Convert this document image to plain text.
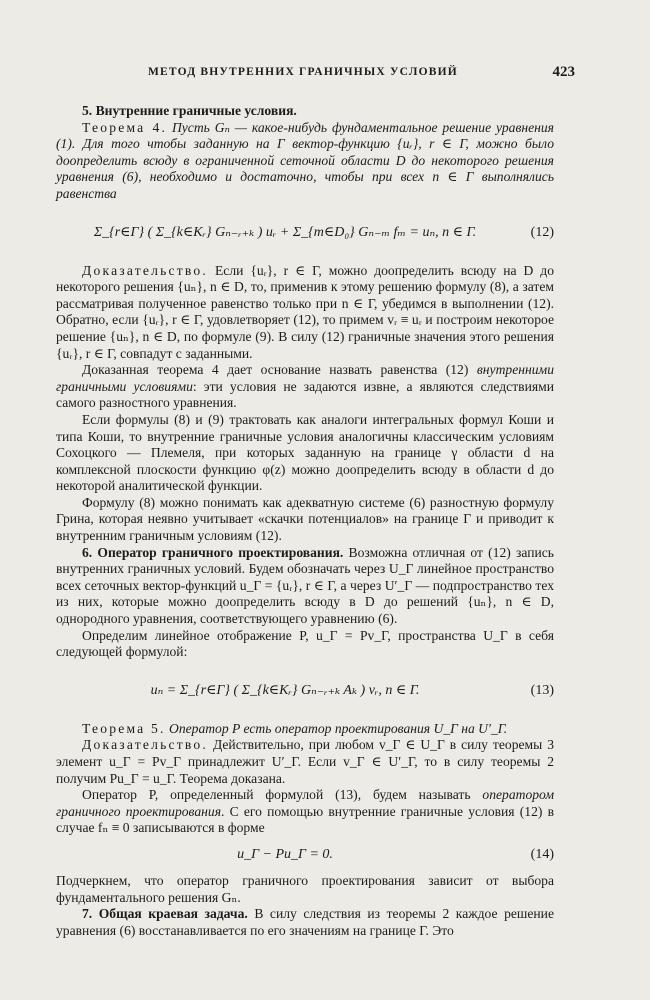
МЕТОД ВНУТРЕННИХ ГРАНИЧНЫХ УСЛОВИЙ	423

5. Внутренние граничные условия.

Теорема 4. Пусть Gₙ — какое-нибудь фундаментальное решение уравнения (1). Для того чтобы заданную на Γ вектор-функцию {uᵣ}, r ∈ Γ, можно было доопределить всюду в ограниченной сеточной области D до некоторого решения уравнения (6), необходимо и достаточно, чтобы при всех n ∈ Γ выполнялись равенства

Σ_{r∈Γ} ( Σ_{k∈Kᵣ} Gₙ₋ᵣ₊ₖ ) uᵣ + Σ_{m∈D₀} Gₙ₋ₘ fₘ = uₙ, n ∈ Γ.	(12)

Доказательство. Если {uᵣ}, r ∈ Γ, можно доопределить всюду на D до некоторого решения {uₙ}, n ∈ D, то, применив к этому решению формулу (8), а затем рассматривая полученное равенство только при n ∈ Γ, убедимся в выполнении (12). Обратно, если {uᵣ}, r ∈ Γ, удовлетворяет (12), то примем vᵣ ≡ uᵣ и построим некоторое решение {uₙ}, n ∈ D, по формуле (9). В силу (12) граничные значения этого решения {uᵣ}, r ∈ Γ, совпадут с заданными.

Доказанная теорема 4 дает основание назвать равенства (12) внутренними граничными условиями: эти условия не задаются извне, а являются следствиями самого разностного уравнения.

Если формулы (8) и (9) трактовать как аналоги интегральных формул Коши и типа Коши, то внутренние граничные условия аналогичны классическим условиям Сохоцкого — Племеля, при которых заданную на границе γ области d на комплексной плоскости функцию φ(z) можно доопределить всюду в области d до некоторой аналитической функции.

Формулу (8) можно понимать как адекватную системе (6) разностную формулу Грина, которая неявно учитывает «скачки потенциалов» на границе Γ и приводит к внутренним граничным условиям (12).

6. Оператор граничного проектирования. Возможна отличная от (12) запись внутренних граничных условий. Будем обозначать через U_Γ линейное пространство всех сеточных вектор-функций u_Γ = {uᵣ}, r ∈ Γ, а через U′_Γ — подпространство тех из них, которые можно доопределить всюду в D до решений {uₙ}, n ∈ D, однородного уравнения, соответствующего уравнению (6).

Определим линейное отображение P, u_Γ = Pv_Γ, пространства U_Γ в себя следующей формулой:

uₙ = Σ_{r∈Γ} ( Σ_{k∈Kᵣ} Gₙ₋ᵣ₊ₖ Aₖ ) vᵣ, n ∈ Γ.	(13)

Теорема 5. Оператор P есть оператор проектирования U_Γ на U′_Γ.

Доказательство. Действительно, при любом v_Γ ∈ U_Γ в силу теоремы 3 элемент u_Γ = Pv_Γ принадлежит U′_Γ. Если v_Γ ∈ U′_Γ, то в силу теоремы 2 получим Pu_Γ = u_Γ. Теорема доказана.

Оператор P, определенный формулой (13), будем называть оператором граничного проектирования. С его помощью внутренние граничные условия (12) в случае fₙ ≡ 0 записываются в форме

u_Γ − Pu_Γ = 0.	(14)

Подчеркнем, что оператор граничного проектирования зависит от выбора фундаментального решения Gₙ.

7. Общая краевая задача. В силу следствия из теоремы 2 каждое решение уравнения (6) восстанавливается по его значениям на границе Γ. Это
